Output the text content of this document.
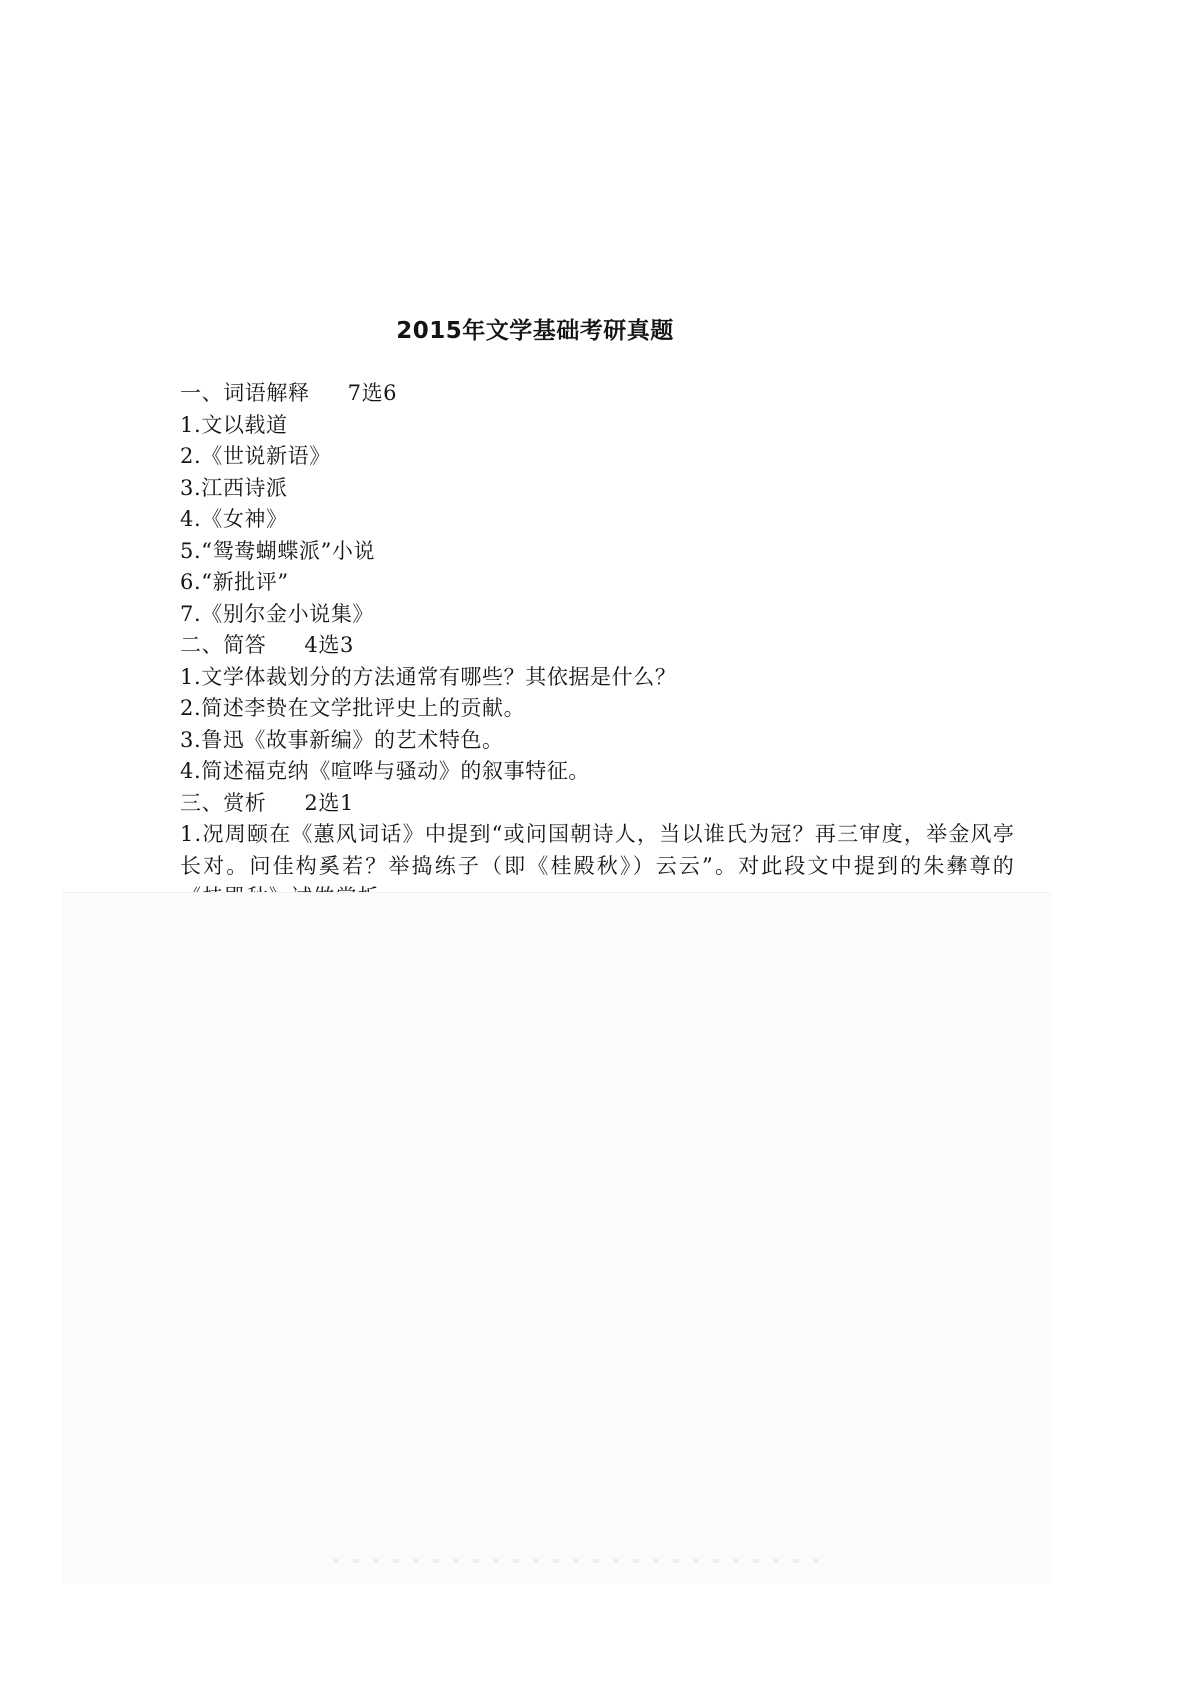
2015年文学基础考研真题
一、词语解释 7选6
1.文以载道
2.《世说新语》
3.江西诗派
4.《女神》
5.“鸳鸯蝴蝶派”小说
6.“新批评”
7.《别尔金小说集》
二、简答 4选3
1.文学体裁划分的方法通常有哪些？其依据是什么？
2.简述李贽在文学批评史上的贡献。
3.鲁迅《故事新编》的艺术特色。
4.简述福克纳《喧哗与骚动》的叙事特征。
三、赏析 2选1
1.况周颐在《蕙风词话》中提到“或问国朝诗人，当以谁氏为冠？再三审度，举金风亭长对。问佳构奚若？举捣练子（即《桂殿秋》）云云”。对此段文中提到的朱彝尊的
